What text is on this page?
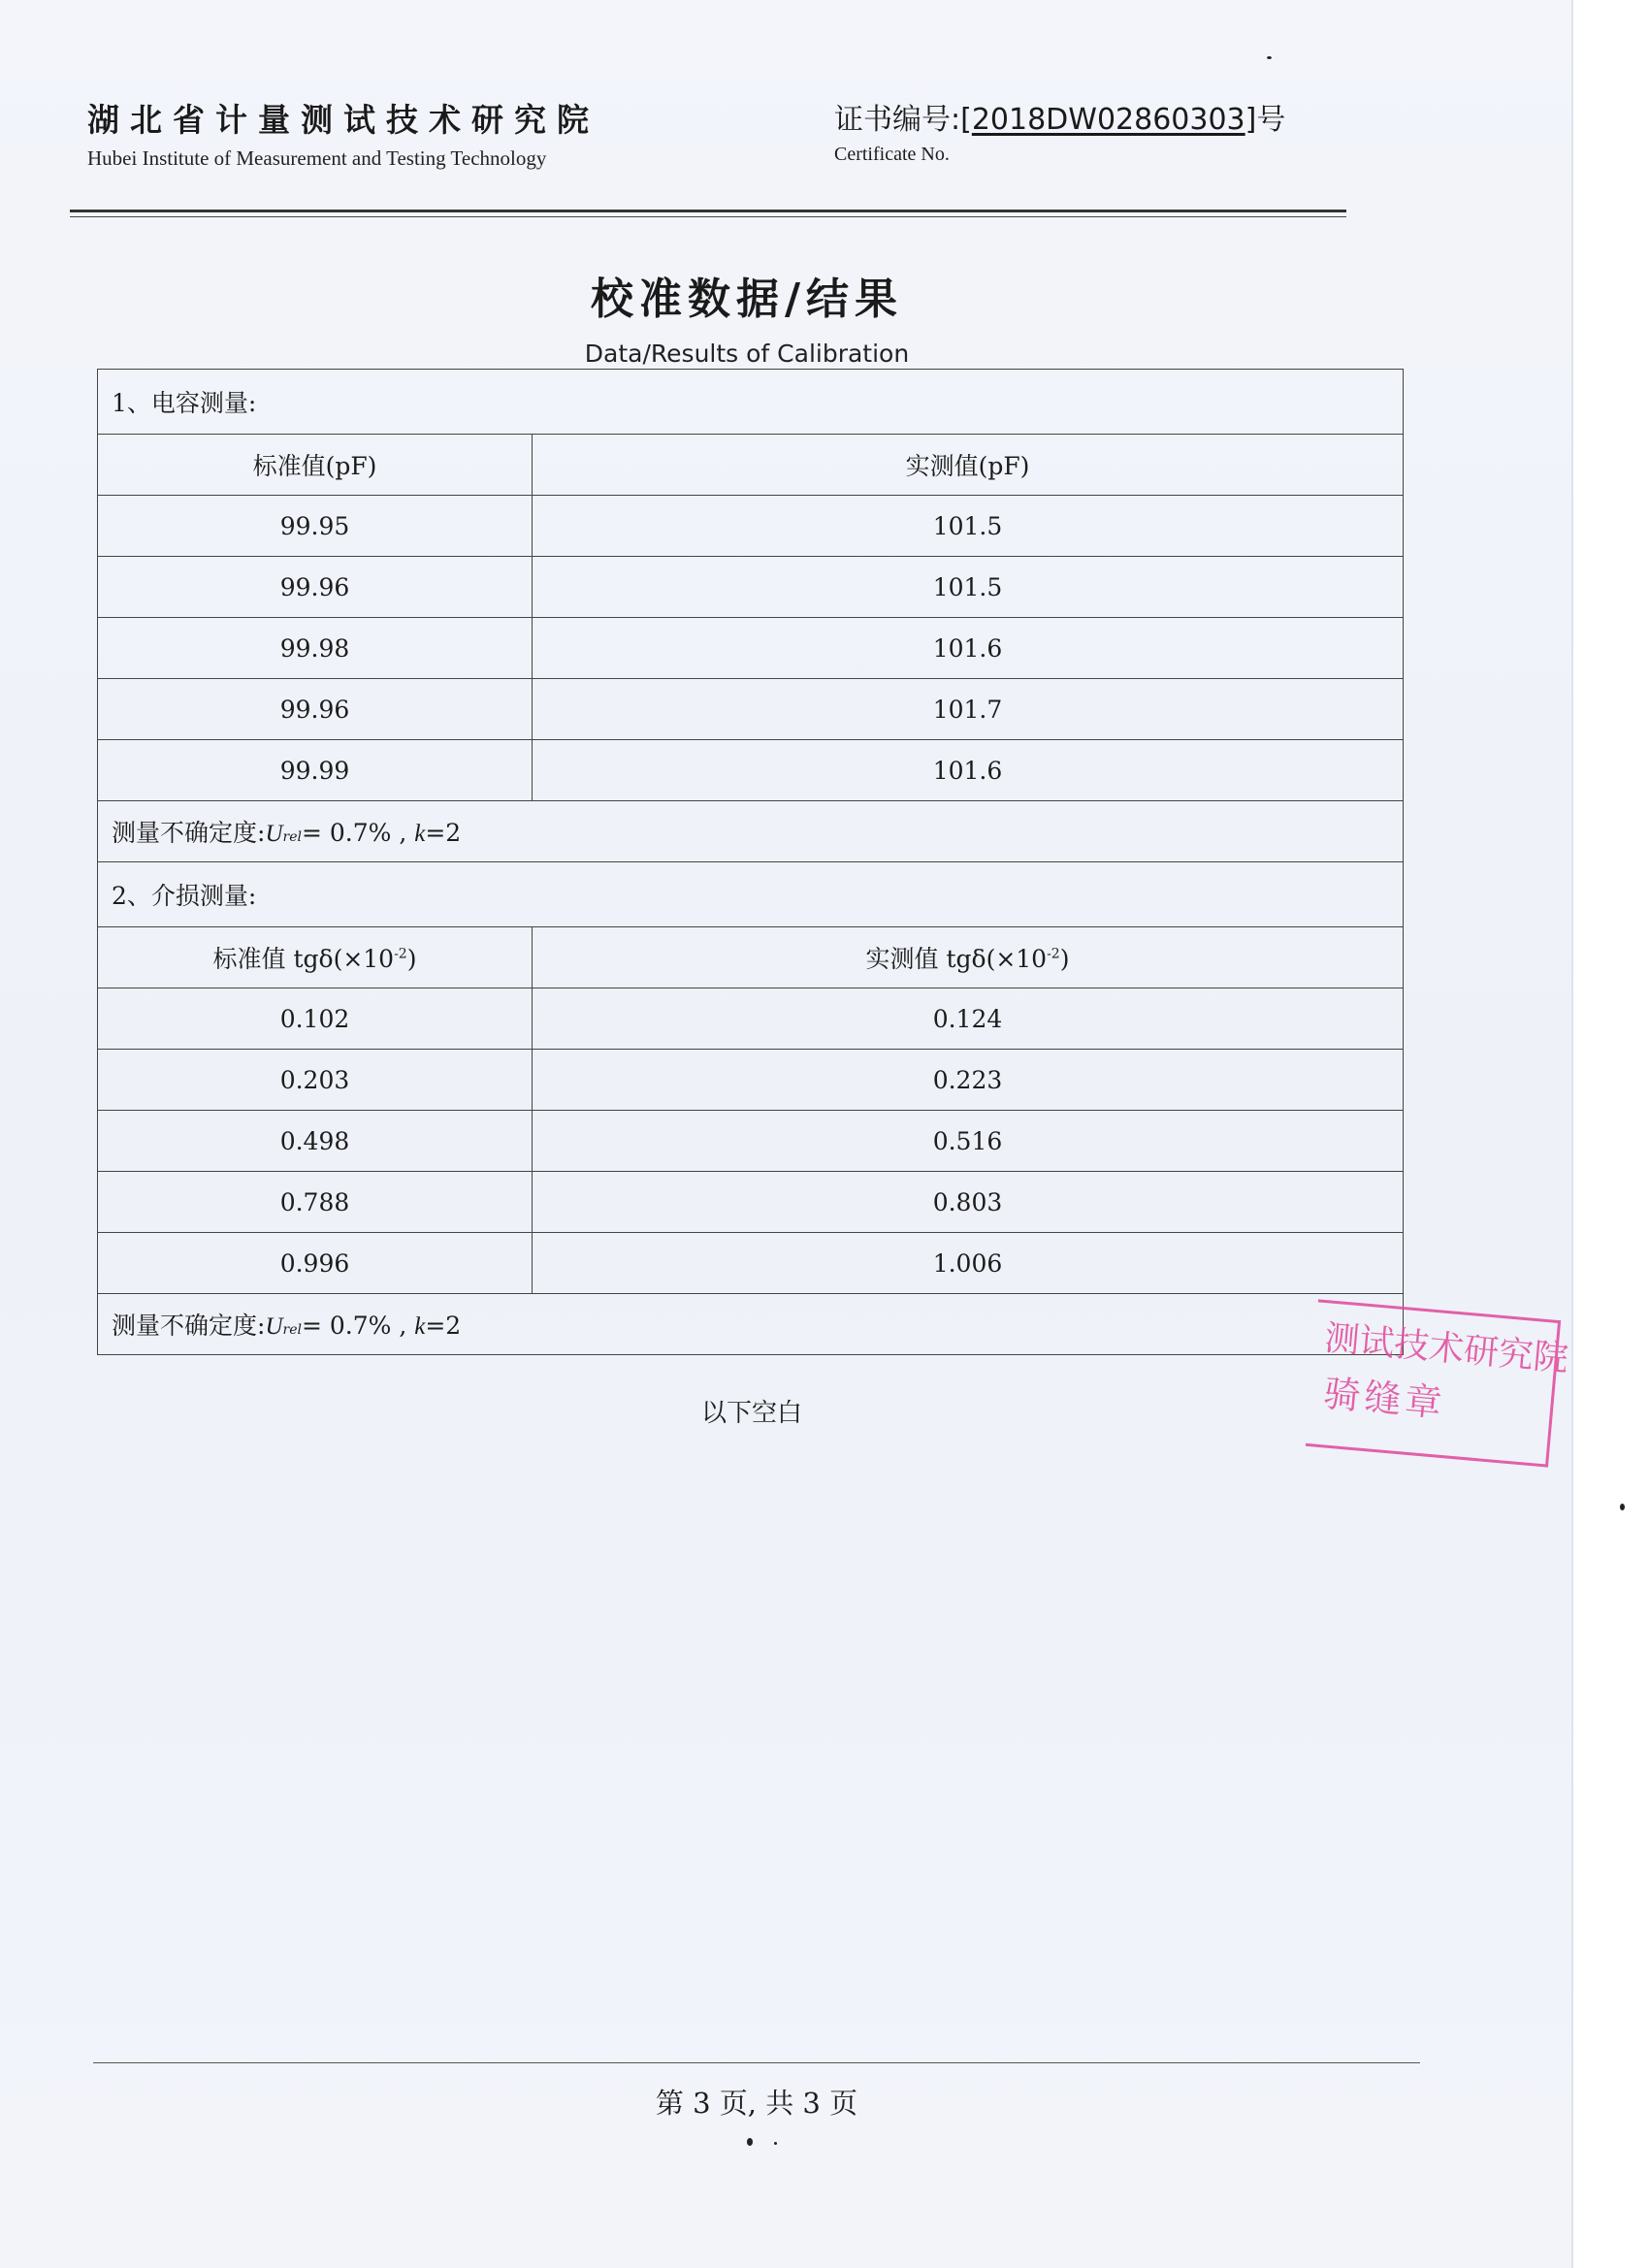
湖北省计量测试技术研究院
Hubei Institute of Measurement and Testing Technology
证书编号:[2018DW02860303]号
Certificate No.
校准数据/结果
Data/Results of Calibration
1、电容测量:	
标准值(pF)	实测值(pF)
99.95	101.5
99.96	101.5
99.98	101.6
99.96	101.7
99.99	101.6
测量不确定度:Urel= 0.7% , k=2	
2、介损测量:	
标准值 $tg\delta(\times 10^{-2})$	实测值 $tg\delta(\times 10^{-2})$
0.102	0.124
0.203	0.223
0.498	0.516
0.788	0.803
0.996	1.006
测量不确定度:Urel= 0.7% , k=2	
以下空白
测试技术研究院
骑缝章
第 3 页, 共 3 页
